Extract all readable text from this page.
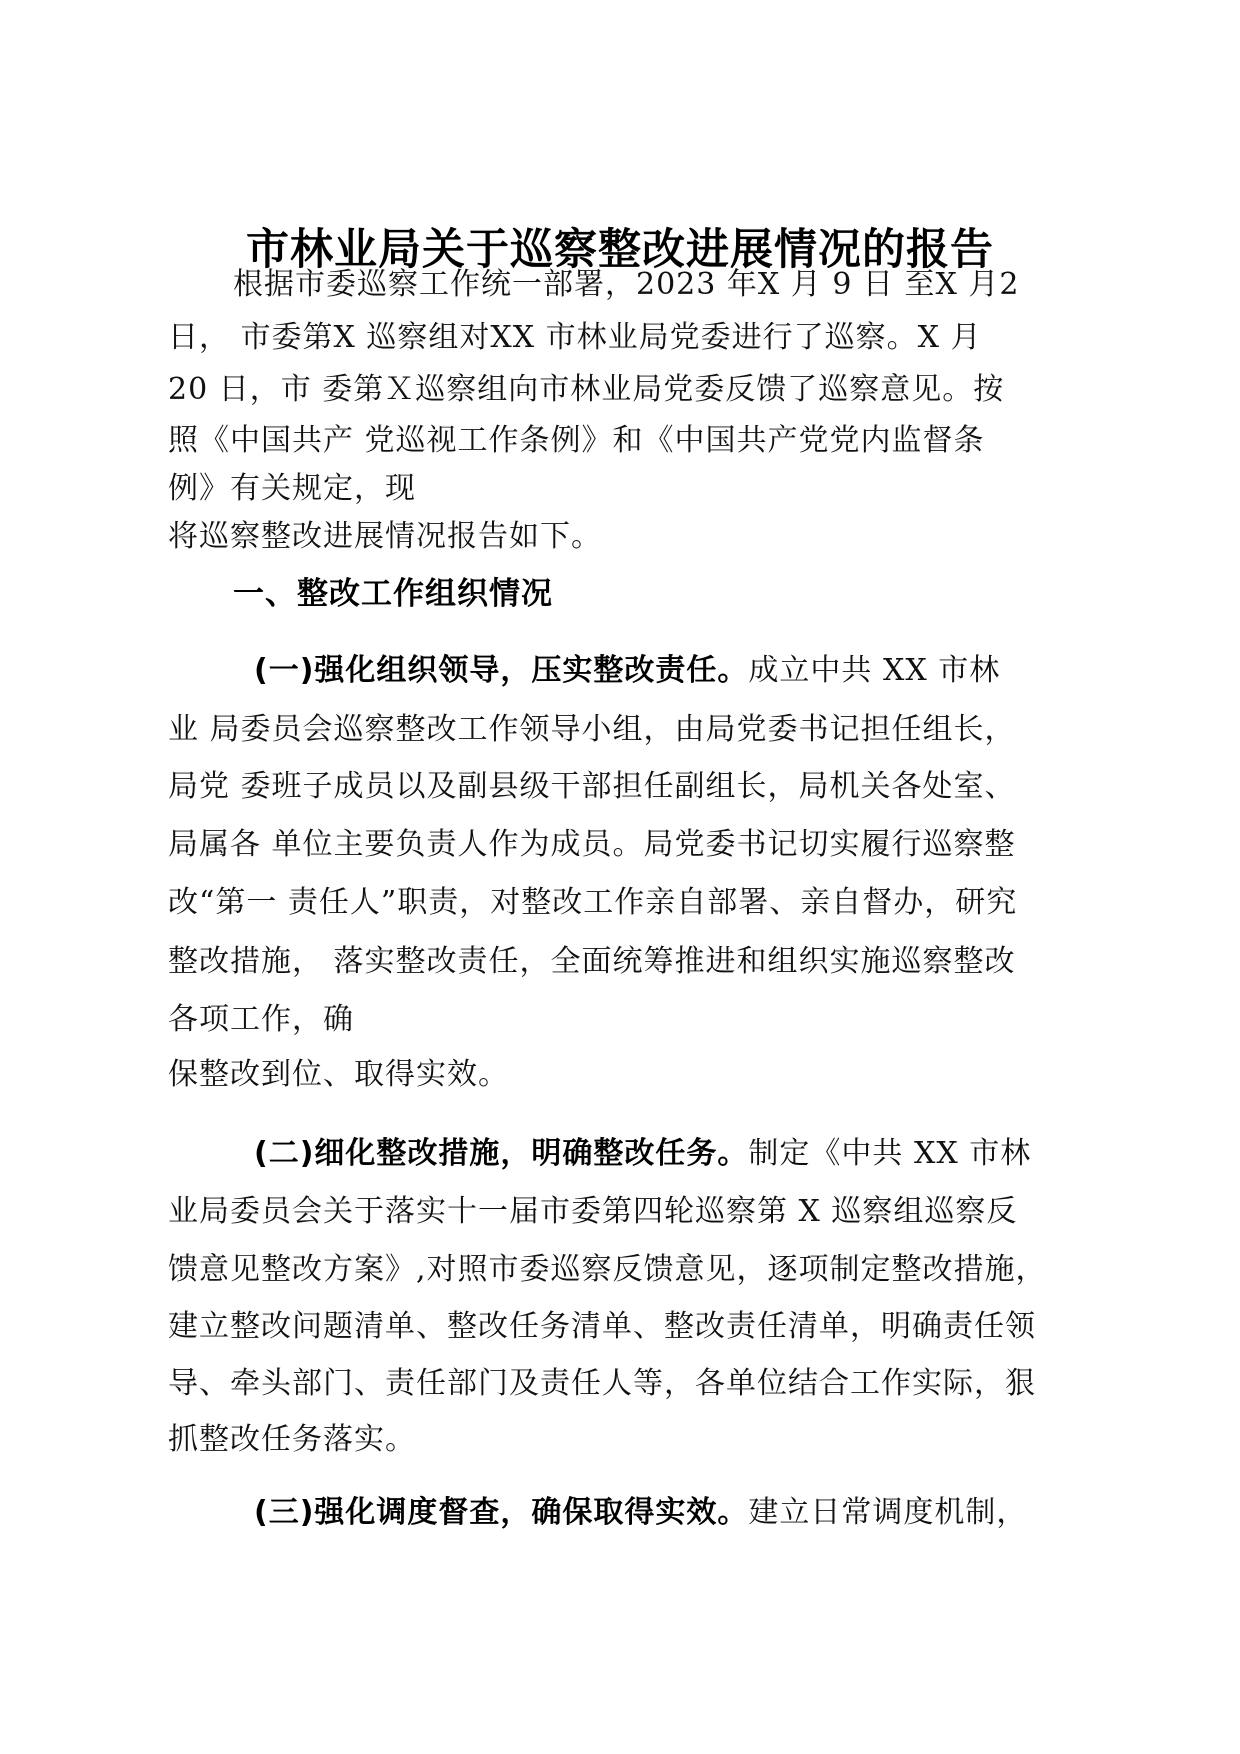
市林业局关于巡察整改进展情况的报告
根据市委巡察工作统一部署，2023 年X 月 9 日 至X 月2
日， 市委第X 巡察组对XX 市林业局党委进行了巡察。X 月
20 日，市 委第Ｘ巡察组向市林业局党委反馈了巡察意见。按
照《中国共产 党巡视工作条例》和《中国共产党党内监督条
例》有关规定，现
将巡察整改进展情况报告如下。
一、整改工作组织情况
(一)强化组织领导，压实整改责任。成立中共 XX 市林
业 局委员会巡察整改工作领导小组，由局党委书记担任组长，
局党 委班子成员以及副县级干部担任副组长，局机关各处室、
局属各 单位主要负责人作为成员。局党委书记切实履行巡察整
改“第一 责任人”职责，对整改工作亲自部署、亲自督办，研究
整改措施， 落实整改责任，全面统筹推进和组织实施巡察整改
各项工作，确
保整改到位、取得实效。
(二)细化整改措施，明确整改任务。制定《中共 XX 市林
业局委员会关于落实十一届市委第四轮巡察第 X 巡察组巡察反
馈意见整改方案》,对照市委巡察反馈意见，逐项制定整改措施，
建立整改问题清单、整改任务清单、整改责任清单，明确责任领
导、牵头部门、责任部门及责任人等，各单位结合工作实际，狠
抓整改任务落实。
(三)强化调度督查，确保取得实效。建立日常调度机制，
